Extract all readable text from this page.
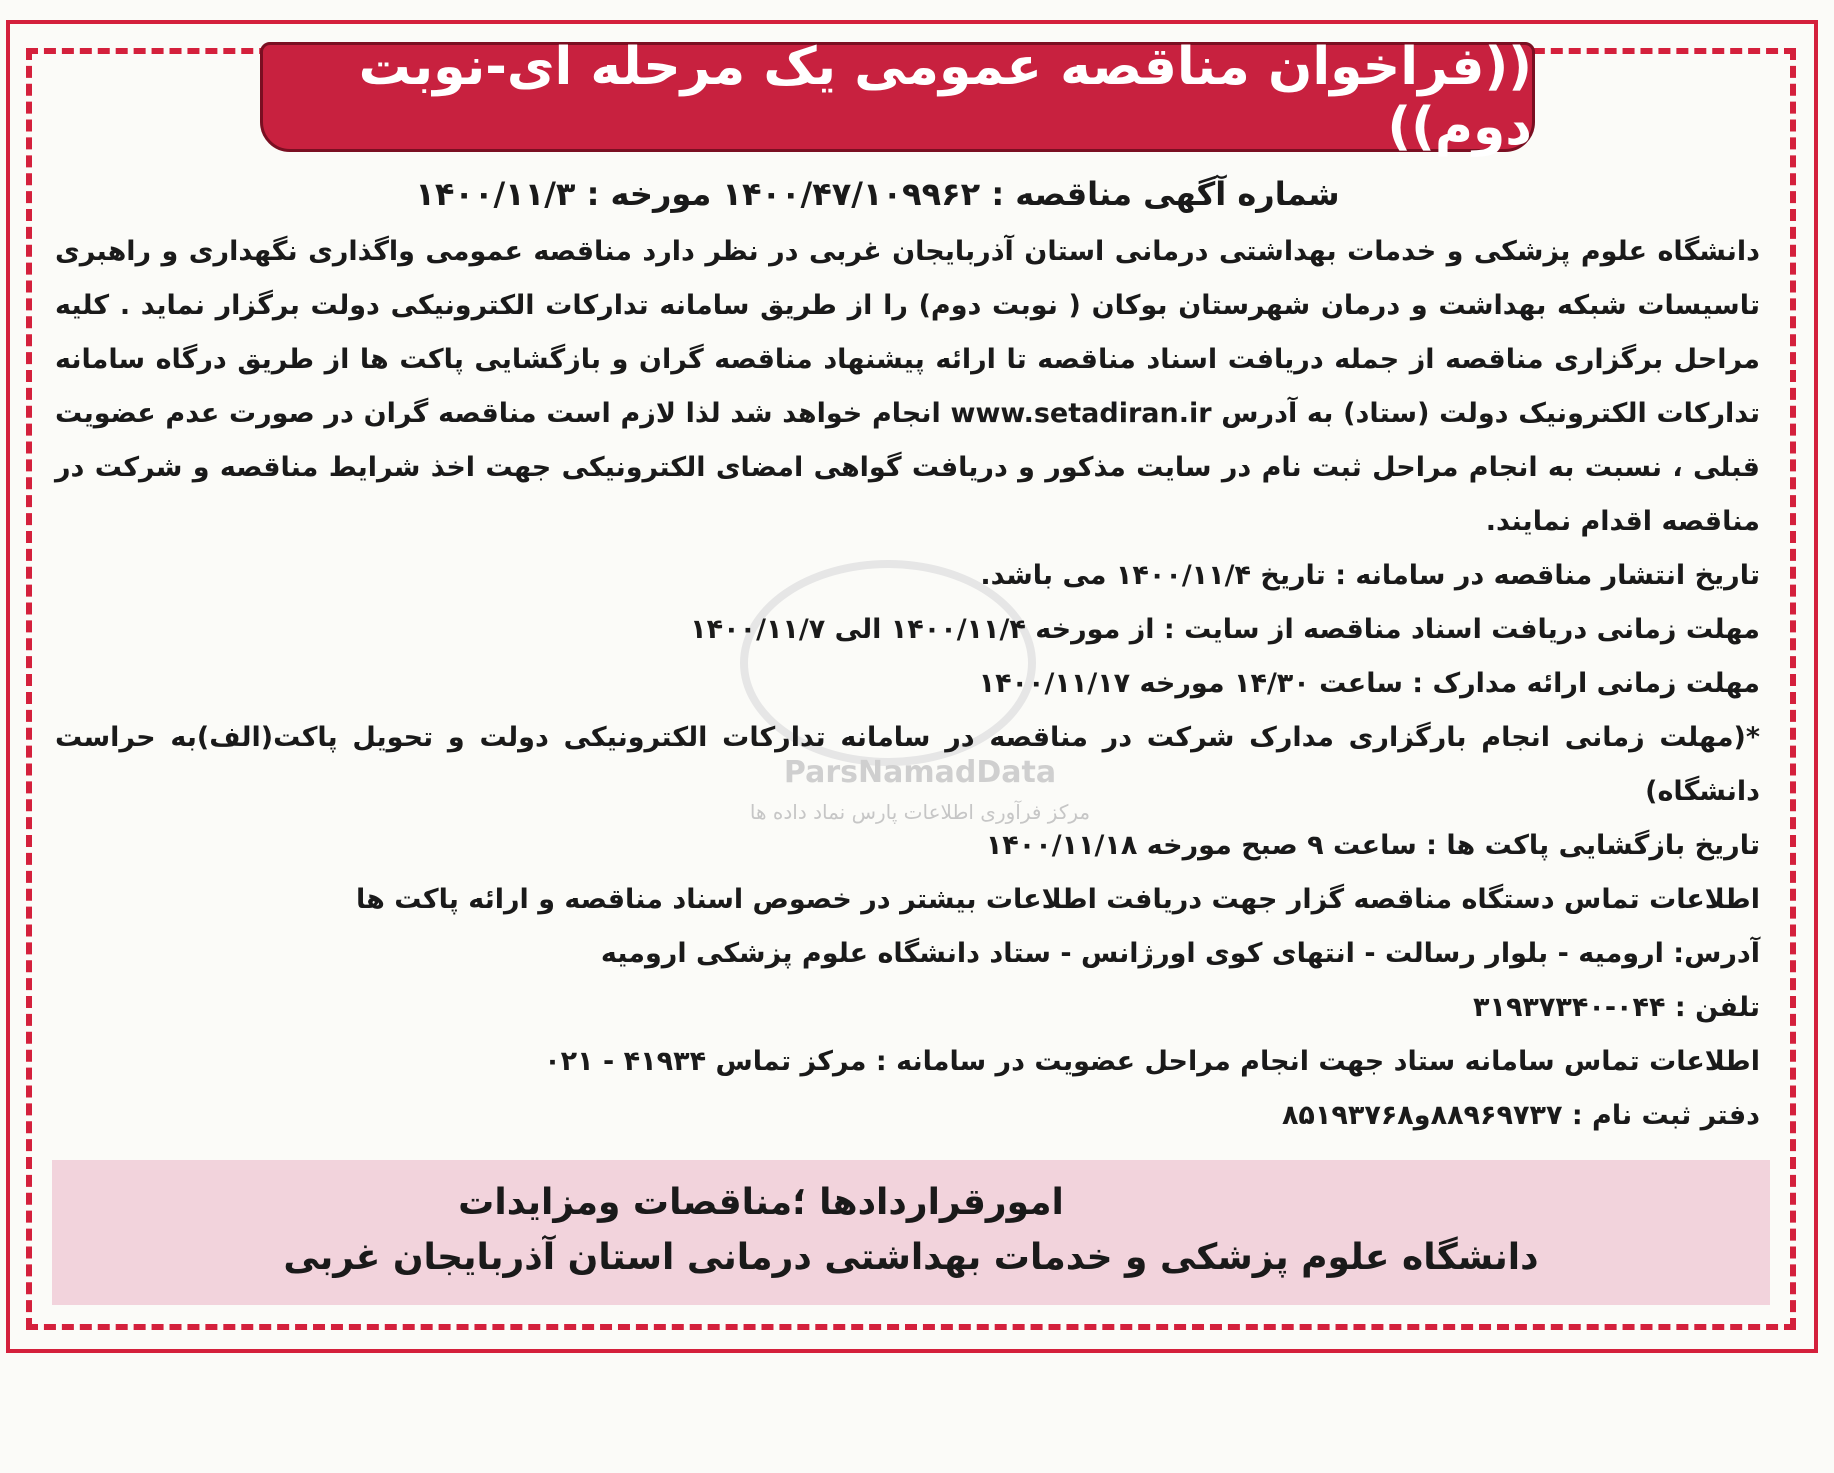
((فراخوان مناقصه عمومی یک مرحله ای-نوبت دوم))
ParsNamadData
مرکز فرآوری اطلاعات پارس نماد داده ها

شماره آگهی مناقصه : ۱۴۰۰/۴۷/۱۰۹۹۶۲ مورخه : ۱۴۰۰/۱۱/۳

دانشگاه علوم پزشکی و خدمات بهداشتی درمانی استان آذربایجان غربی در نظر دارد مناقصه عمومی واگذاری نگهداری و راهبری تاسیسات شبکه بهداشت و درمان شهرستان بوکان ( نوبت دوم) را از طریق سامانه تدارکات الکترونیکی دولت برگزار نماید . کلیه مراحل برگزاری مناقصه از جمله دریافت اسناد مناقصه تا ارائه پیشنهاد مناقصه گران و بازگشایی پاکت ها از طریق درگاه سامانه تدارکات الکترونیک دولت (ستاد) به آدرس www.setadiran.ir انجام خواهد شد لذا لازم است مناقصه گران در صورت عدم عضویت قبلی ، نسبت به انجام مراحل ثبت نام در سایت مذکور و دریافت گواهی امضای الکترونیکی جهت اخذ شرایط مناقصه و شرکت در مناقصه اقدام نمایند.

تاریخ انتشار مناقصه در سامانه : تاریخ ۱۴۰۰/۱۱/۴ می باشد.

مهلت زمانی دریافت اسناد مناقصه از سایت : از مورخه ۱۴۰۰/۱۱/۴ الی ۱۴۰۰/۱۱/۷

مهلت زمانی ارائه مدارک : ساعت ۱۴/۳۰ مورخه ۱۴۰۰/۱۱/۱۷

*(مهلت زمانی انجام بارگزاری مدارک شرکت در مناقصه در سامانه تدارکات الکترونیکی دولت و تحویل پاکت(الف)به حراست دانشگاه)

تاریخ بازگشایی پاکت ها : ساعت ۹ صبح مورخه ۱۴۰۰/۱۱/۱۸

اطلاعات تماس دستگاه مناقصه گزار جهت دریافت اطلاعات بیشتر در خصوص اسناد مناقصه و ارائه پاکت ها

آدرس: ارومیه - بلوار رسالت - انتهای کوی اورژانس - ستاد دانشگاه علوم پزشکی ارومیه

تلفن : ۰۴۴-۳۱۹۳۷۳۴۰

اطلاعات تماس سامانه ستاد جهت انجام مراحل عضویت در سامانه : مرکز تماس ۴۱۹۳۴ - ۰۲۱

دفتر ثبت نام : ۸۸۹۶۹۷۳۷و۸۵۱۹۳۷۶۸

امورقراردادها ؛مناقصات ومزایدات

دانشگاه علوم پزشکی و خدمات بهداشتی درمانی استان آذربایجان غربی
